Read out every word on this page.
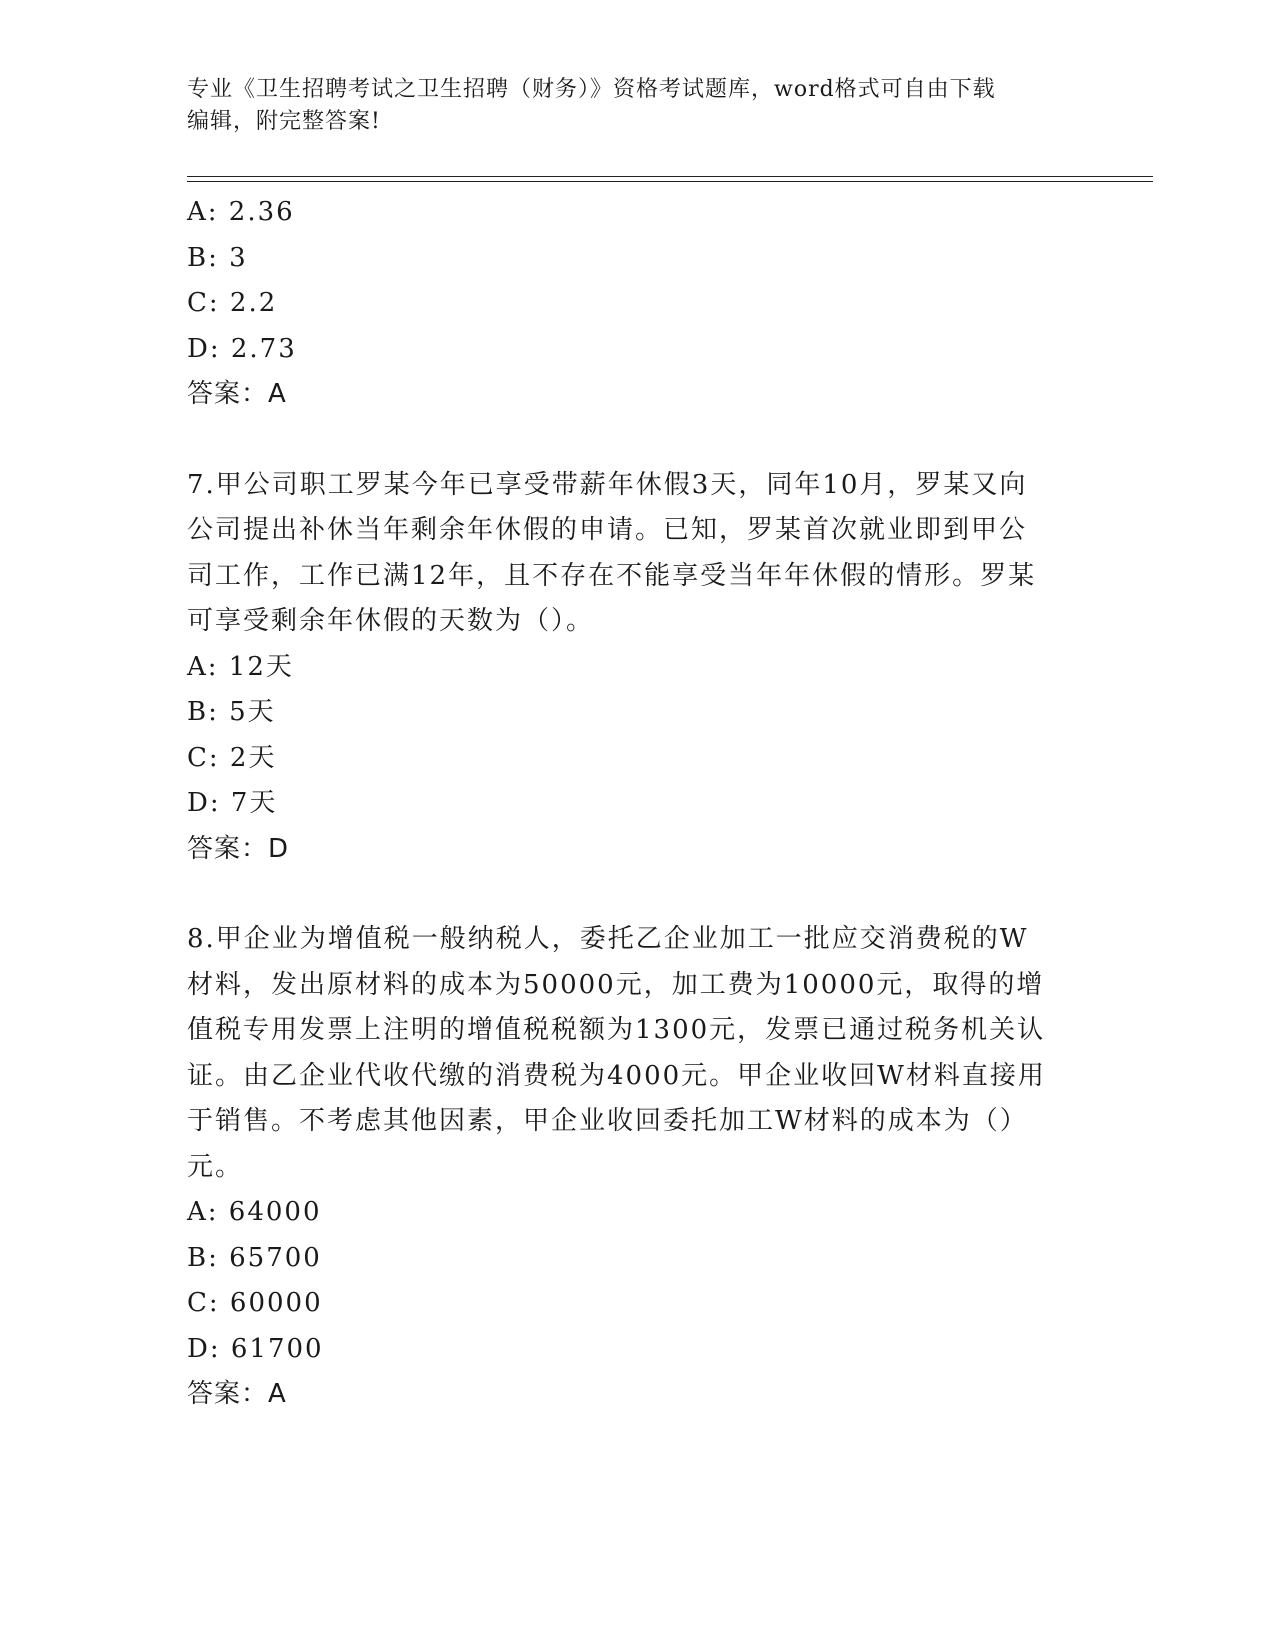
专业《卫生招聘考试之卫生招聘（财务）》资格考试题库，word格式可自由下载
编辑，附完整答案!
A: 2.36
B: 3
C: 2.2
D: 2.73
答案：A
7.甲公司职工罗某今年已享受带薪年休假3天，同年10月，罗某又向
公司提出补休当年剩余年休假的申请。已知，罗某首次就业即到甲公
司工作，工作已满12年，且不存在不能享受当年年休假的情形。罗某
可享受剩余年休假的天数为（）。
A: 12天
B: 5天
C: 2天
D: 7天
答案：D
8.甲企业为增值税一般纳税人，委托乙企业加工一批应交消费税的W
材料，发出原材料的成本为50000元，加工费为10000元，取得的增
值税专用发票上注明的增值税税额为1300元，发票已通过税务机关认
证。由乙企业代收代缴的消费税为4000元。甲企业收回W材料直接用
于销售。不考虑其他因素，甲企业收回委托加工W材料的成本为（）
元。
A: 64000
B: 65700
C: 60000
D: 61700
答案：A
